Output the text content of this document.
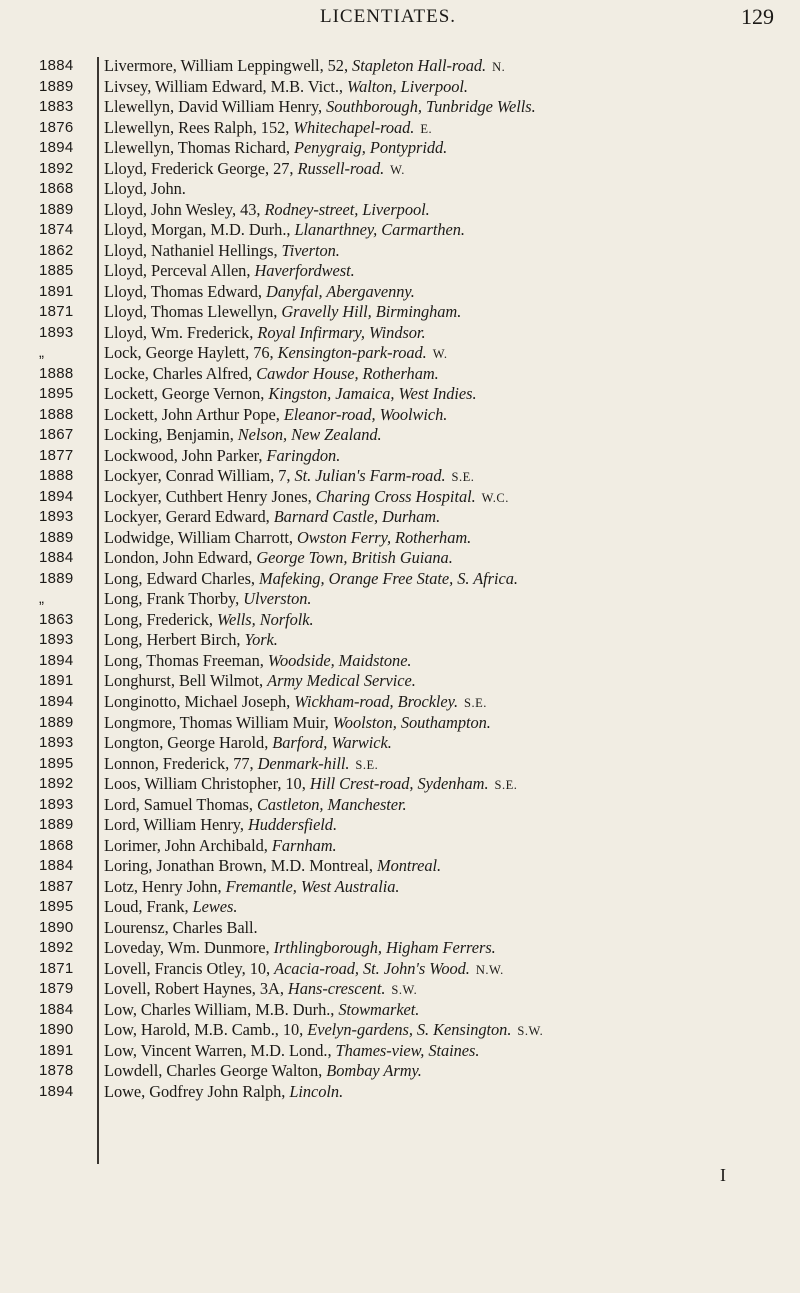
LICENTIATES.	129
1884	Livermore, William Leppingwell, 52, Stapleton Hall-road. N.
1889	Livsey, William Edward, M.B. Vict., Walton, Liverpool.
1883	Llewellyn, David William Henry, Southborough, Tunbridge Wells.
1876	Llewellyn, Rees Ralph, 152, Whitechapel-road. E.
1894	Llewellyn, Thomas Richard, Penygraig, Pontypridd.
1892	Lloyd, Frederick George, 27, Russell-road. W.
1868	Lloyd, John.
1889	Lloyd, John Wesley, 43, Rodney-street, Liverpool.
1874	Lloyd, Morgan, M.D. Durh., Llanarthney, Carmarthen.
1862	Lloyd, Nathaniel Hellings, Tiverton.
1885	Lloyd, Perceval Allen, Haverfordwest.
1891	Lloyd, Thomas Edward, Danyfal, Abergavenny.
1871	Lloyd, Thomas Llewellyn, Gravelly Hill, Birmingham.
1893	Lloyd, Wm. Frederick, Royal Infirmary, Windsor.
„	Lock, George Haylett, 76, Kensington-park-road. W.
1888	Locke, Charles Alfred, Cawdor House, Rotherham.
1895	Lockett, George Vernon, Kingston, Jamaica, West Indies.
1888	Lockett, John Arthur Pope, Eleanor-road, Woolwich.
1867	Locking, Benjamin, Nelson, New Zealand.
1877	Lockwood, John Parker, Faringdon.
1888	Lockyer, Conrad William, 7, St. Julian's Farm-road. S.E.
1894	Lockyer, Cuthbert Henry Jones, Charing Cross Hospital. W.C.
1893	Lockyer, Gerard Edward, Barnard Castle, Durham.
1889	Lodwidge, William Charrott, Owston Ferry, Rotherham.
1884	London, John Edward, George Town, British Guiana.
1889	Long, Edward Charles, Mafeking, Orange Free State, S. Africa.
„	Long, Frank Thorby, Ulverston.
1863	Long, Frederick, Wells, Norfolk.
1893	Long, Herbert Birch, York.
1894	Long, Thomas Freeman, Woodside, Maidstone.
1891	Longhurst, Bell Wilmot, Army Medical Service.
1894	Longinotto, Michael Joseph, Wickham-road, Brockley. S.E.
1889	Longmore, Thomas William Muir, Woolston, Southampton.
1893	Longton, George Harold, Barford, Warwick.
1895	Lonnon, Frederick, 77, Denmark-hill. S.E.
1892	Loos, William Christopher, 10, Hill Crest-road, Sydenham. S.E.
1893	Lord, Samuel Thomas, Castleton, Manchester.
1889	Lord, William Henry, Huddersfield.
1868	Lorimer, John Archibald, Farnham.
1884	Loring, Jonathan Brown, M.D. Montreal, Montreal.
1887	Lotz, Henry John, Fremantle, West Australia.
1895	Loud, Frank, Lewes.
1890	Lourensz, Charles Ball.
1892	Loveday, Wm. Dunmore, Irthlingborough, Higham Ferrers.
1871	Lovell, Francis Otley, 10, Acacia-road, St. John's Wood. N.W.
1879	Lovell, Robert Haynes, 3A, Hans-crescent. S.W.
1884	Low, Charles William, M.B. Durh., Stowmarket.
1890	Low, Harold, M.B. Camb., 10, Evelyn-gardens, S. Kensington. S.W.
1891	Low, Vincent Warren, M.D. Lond., Thames-view, Staines.
1878	Lowdell, Charles George Walton, Bombay Army.
1894	Lowe, Godfrey John Ralph, Lincoln.
I
